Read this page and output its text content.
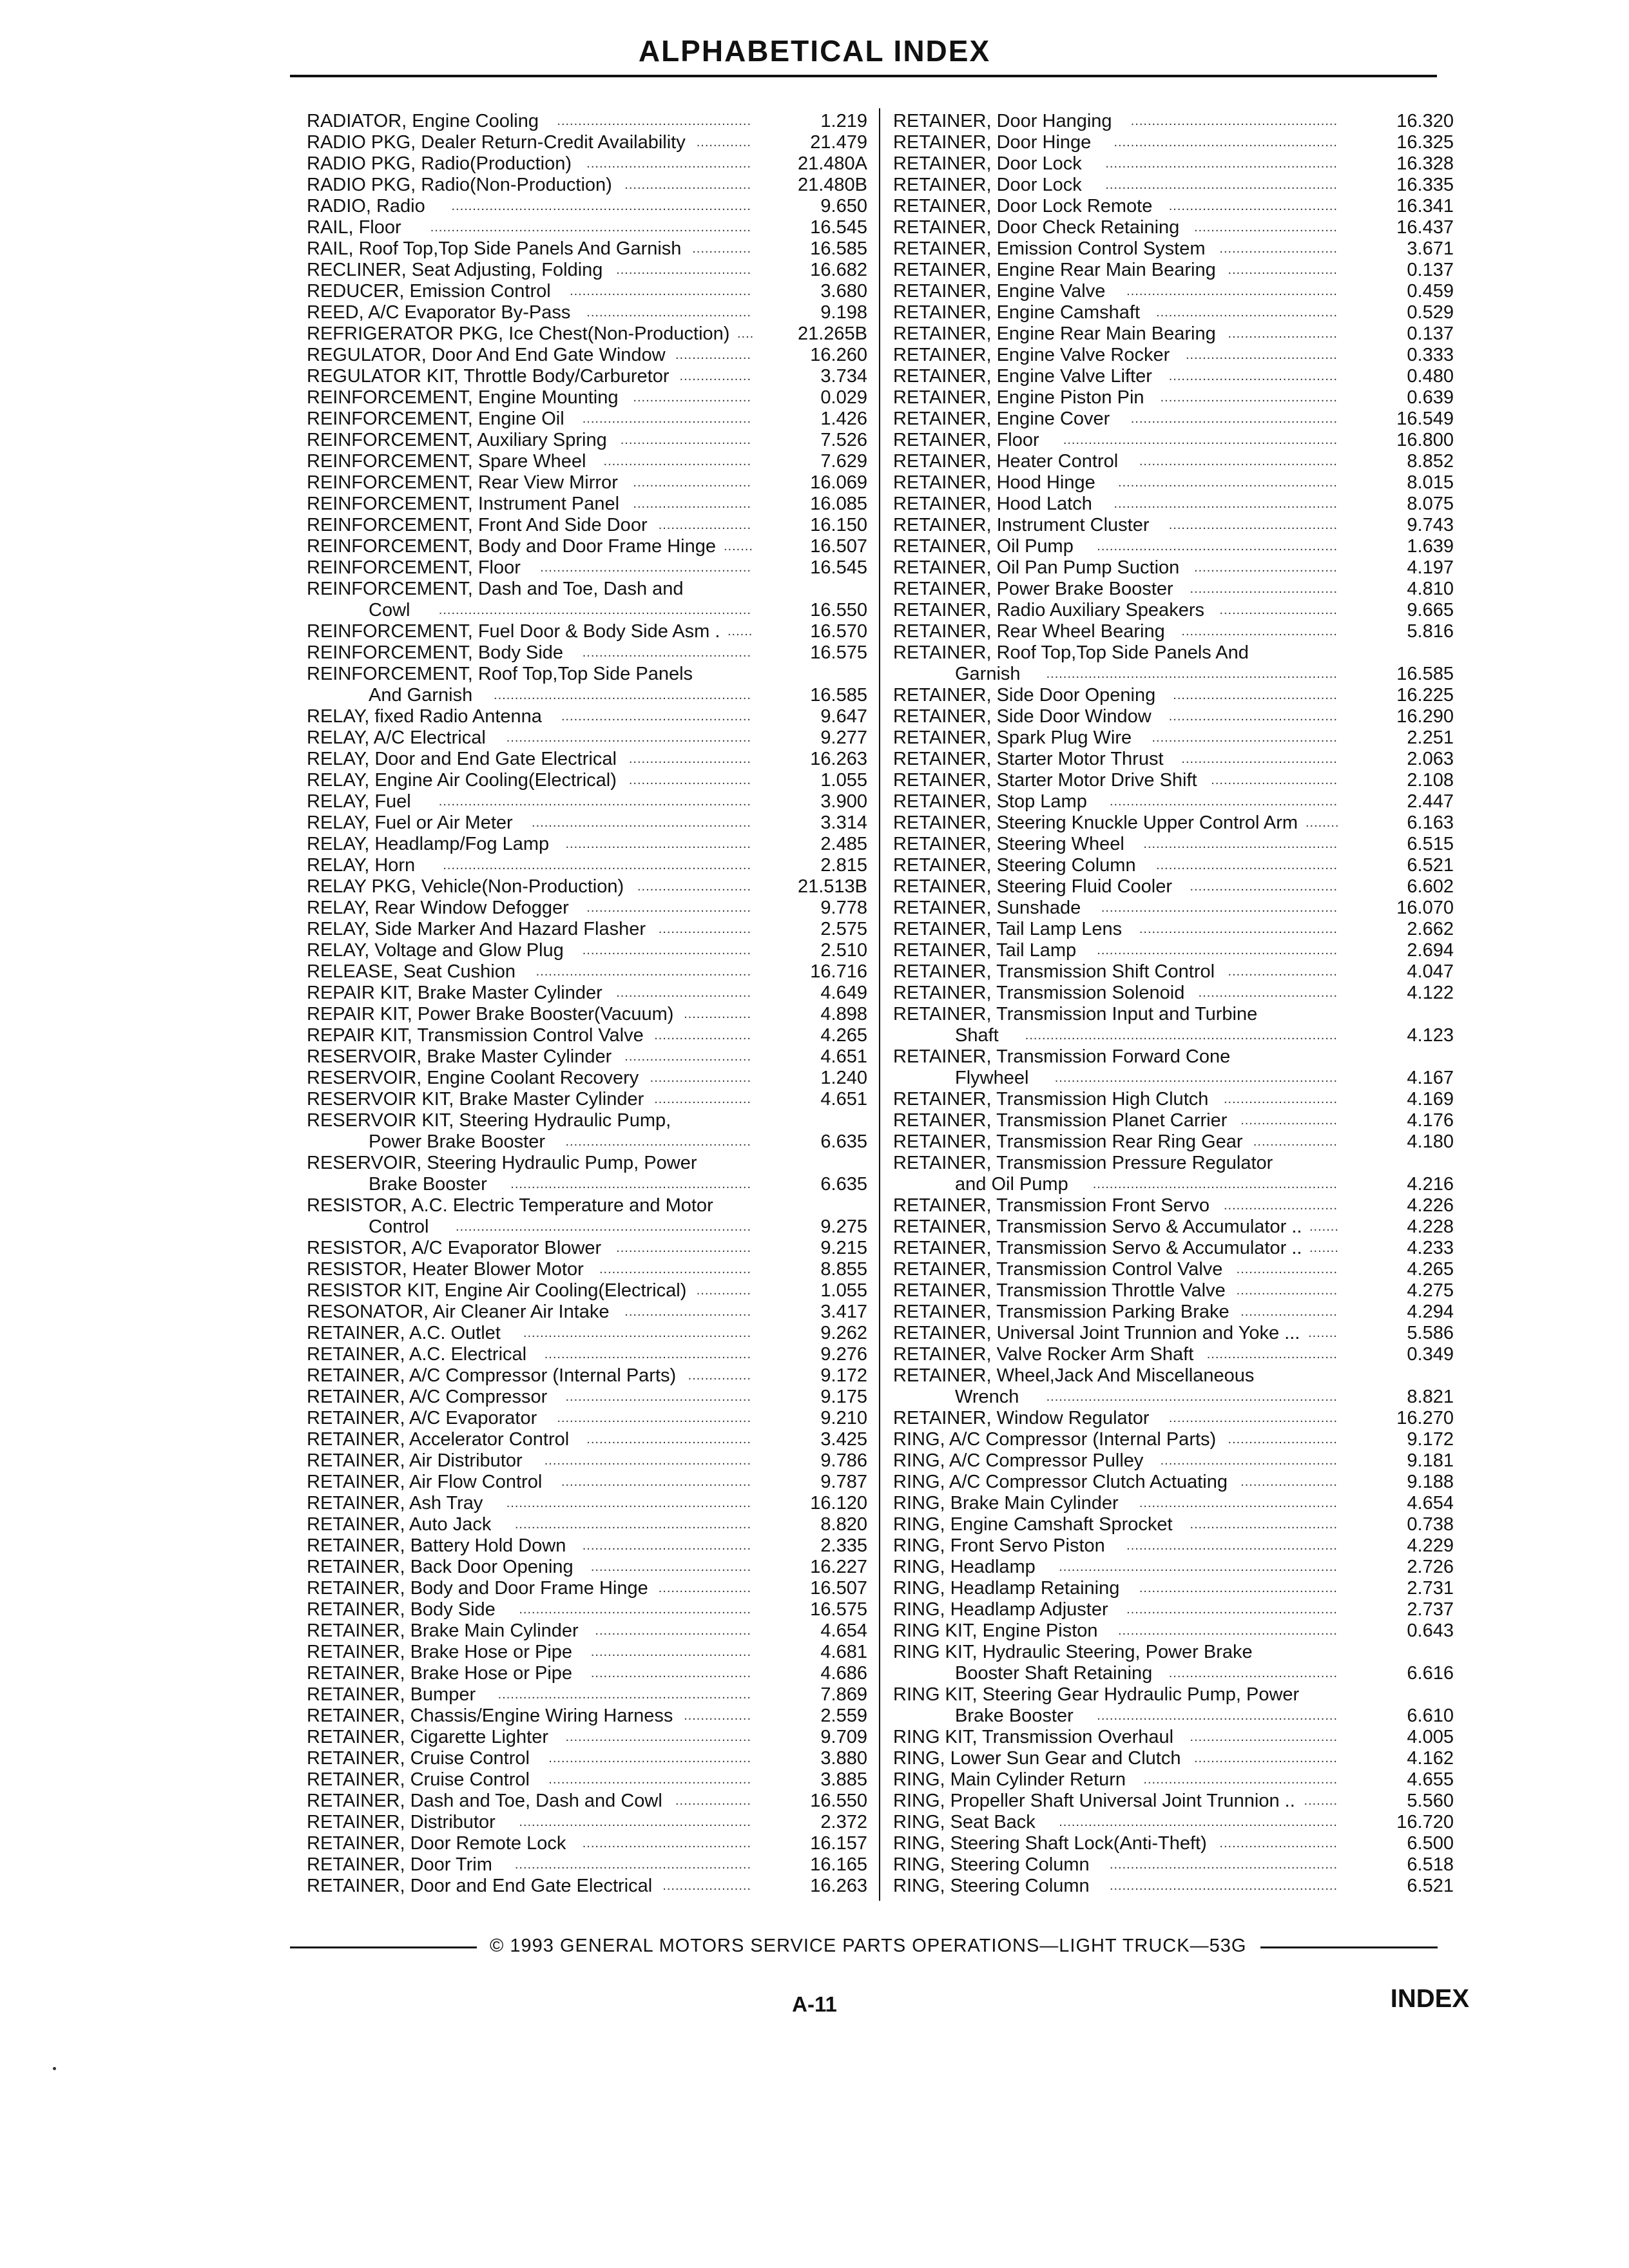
ALPHABETICAL INDEX
RADIATOR, Engine Cooling	1.219
..............................................
RADIO PKG, Dealer Return-Credit Availability	21.479
.............
RADIO PKG, Radio(Production)	21.480A
.......................................
RADIO PKG, Radio(Non-Production)	21.480B
..............................
RADIO, Radio	9.650
.......................................................................
RAIL, Floor	16.545
............................................................................
RAIL, Roof Top,Top Side Panels And Garnish	16.585
..............
RECLINER, Seat Adjusting, Folding	16.682
................................
REDUCER, Emission Control	3.680
...........................................
REED, A/C Evaporator By-Pass	9.198
.......................................
REFRIGERATOR PKG, Ice Chest(Non-Production)	21.265B
....
REGULATOR, Door And End Gate Window	16.260
..................
REGULATOR KIT, Throttle Body/Carburetor	3.734
.................
REINFORCEMENT, Engine Mounting	0.029
............................
REINFORCEMENT, Engine Oil	1.426
........................................
REINFORCEMENT, Auxiliary Spring	7.526
...............................
REINFORCEMENT, Spare Wheel	7.629
...................................
REINFORCEMENT, Rear View Mirror	16.069
............................
REINFORCEMENT, Instrument Panel	16.085
............................
REINFORCEMENT, Front And Side Door	16.150
......................
REINFORCEMENT, Body and Door Frame Hinge	16.507
.......
REINFORCEMENT, Floor	16.545
..................................................
REINFORCEMENT, Dash and Toe, Dash and
Cowl	16.550
..........................................................................
REINFORCEMENT, Fuel Door & Body Side Asm .	16.570
......
REINFORCEMENT, Body Side	16.575
........................................
REINFORCEMENT, Roof Top,Top Side Panels
And Garnish	16.585
.............................................................
RELAY, fixed Radio Antenna	9.647
.............................................
RELAY, A/C Electrical	9.277
..........................................................
RELAY, Door and End Gate Electrical	16.263
.............................
RELAY, Engine Air Cooling(Electrical)	1.055
.............................
RELAY, Fuel	3.900
..........................................................................
RELAY, Fuel or Air Meter	3.314
....................................................
RELAY, Headlamp/Fog Lamp	2.485
............................................
RELAY, Horn	2.815
.........................................................................
RELAY PKG, Vehicle(Non-Production)	21.513B
...........................
RELAY, Rear Window Defogger	9.778
.......................................
RELAY, Side Marker And Hazard Flasher	2.575
......................
RELAY, Voltage and Glow Plug	2.510
........................................
RELEASE, Seat Cushion	16.716
...................................................
REPAIR KIT, Brake Master Cylinder	4.649
................................
REPAIR KIT, Power Brake Booster(Vacuum)	4.898
................
REPAIR KIT, Transmission Control Valve	4.265
.......................
RESERVOIR, Brake Master Cylinder	4.651
..............................
RESERVOIR, Engine Coolant Recovery	1.240
........................
RESERVOIR KIT, Brake Master Cylinder	4.651
.......................
RESERVOIR KIT, Steering Hydraulic Pump,
Power Brake Booster	6.635
............................................
RESERVOIR, Steering Hydraulic Pump, Power
Brake Booster	6.635
.........................................................
RESISTOR, A.C. Electric Temperature and Motor
Control	9.275
......................................................................
RESISTOR, A/C Evaporator Blower	9.215
................................
RESISTOR, Heater Blower Motor	8.855
....................................
RESISTOR KIT, Engine Air Cooling(Electrical)	1.055
.............
RESONATOR, Air Cleaner Air Intake	3.417
..............................
RETAINER, A.C. Outlet	9.262
......................................................
RETAINER, A.C. Electrical	9.276
.................................................
RETAINER, A/C Compressor (Internal Parts)	9.172
...............
RETAINER, A/C Compressor	9.175
............................................
RETAINER, A/C Evaporator	9.210
..............................................
RETAINER, Accelerator Control	3.425
.......................................
RETAINER, Air Distributor	9.786
.................................................
RETAINER, Air Flow Control	9.787
.............................................
RETAINER, Ash Tray	16.120
..........................................................
RETAINER, Auto Jack	8.820
........................................................
RETAINER, Battery Hold Down	2.335
........................................
RETAINER, Back Door Opening	16.227
......................................
RETAINER, Body and Door Frame Hinge	16.507
......................
RETAINER, Body Side	16.575
.......................................................
RETAINER, Brake Main Cylinder	4.654
.....................................
RETAINER, Brake Hose or Pipe	4.681
......................................
RETAINER, Brake Hose or Pipe	4.686
......................................
RETAINER, Bumper	7.869
............................................................
RETAINER, Chassis/Engine Wiring Harness	2.559
................
RETAINER, Cigarette Lighter	9.709
............................................
RETAINER, Cruise Control	3.880
................................................
RETAINER, Cruise Control	3.885
................................................
RETAINER, Dash and Toe, Dash and Cowl	16.550
..................
RETAINER, Distributor	2.372
.......................................................
RETAINER, Door Remote Lock	16.157
........................................
RETAINER, Door Trim	16.165
........................................................
RETAINER, Door and End Gate Electrical	16.263
.....................
RETAINER, Door Hanging	16.320
.................................................
RETAINER, Door Hinge	16.325
.....................................................
RETAINER, Door Lock	16.328
.......................................................
RETAINER, Door Lock	16.335
.......................................................
RETAINER, Door Lock Remote	16.341
........................................
RETAINER, Door Check Retaining	16.437
..................................
RETAINER, Emission Control System	3.671
............................
RETAINER, Engine Rear Main Bearing	0.137
..........................
RETAINER, Engine Valve	0.459
..................................................
RETAINER, Engine Camshaft	0.529
...........................................
RETAINER, Engine Rear Main Bearing	0.137
..........................
RETAINER, Engine Valve Rocker	0.333
....................................
RETAINER, Engine Valve Lifter	0.480
........................................
RETAINER, Engine Piston Pin	0.639
..........................................
RETAINER, Engine Cover	16.549
.................................................
RETAINER, Floor	16.800
.................................................................
RETAINER, Heater Control	8.852
...............................................
RETAINER, Hood Hinge	8.015
....................................................
RETAINER, Hood Latch	8.075
.....................................................
RETAINER, Instrument Cluster	9.743
........................................
RETAINER, Oil Pump	1.639
.........................................................
RETAINER, Oil Pan Pump Suction	4.197
..................................
RETAINER, Power Brake Booster	4.810
...................................
RETAINER, Radio Auxiliary Speakers	9.665
............................
RETAINER, Rear Wheel Bearing	5.816
.....................................
RETAINER, Roof Top,Top Side Panels And
Garnish	16.585
.....................................................................
RETAINER, Side Door Opening	16.225
.......................................
RETAINER, Side Door Window	16.290
........................................
RETAINER, Spark Plug Wire	2.251
............................................
RETAINER, Starter Motor Thrust	2.063
.....................................
RETAINER, Starter Motor Drive Shift	2.108
..............................
RETAINER, Stop Lamp	2.447
......................................................
RETAINER, Steering Knuckle Upper Control Arm	6.163
........
RETAINER, Steering Wheel	6.515
..............................................
RETAINER, Steering Column	6.521
...........................................
RETAINER, Steering Fluid Cooler	6.602
...................................
RETAINER, Sunshade	16.070
........................................................
RETAINER, Tail Lamp Lens	2.662
...............................................
RETAINER, Tail Lamp	2.694
.........................................................
RETAINER, Transmission Shift Control	4.047
..........................
RETAINER, Transmission Solenoid	4.122
.................................
RETAINER, Transmission Input and Turbine
Shaft	4.123
..........................................................................
RETAINER, Transmission Forward Cone
Flywheel	4.167
...................................................................
RETAINER, Transmission High Clutch	4.169
...........................
RETAINER, Transmission Planet Carrier	4.176
.......................
RETAINER, Transmission Rear Ring Gear	4.180
....................
RETAINER, Transmission Pressure Regulator
and Oil Pump	4.216
..........................................................
RETAINER, Transmission Front Servo	4.226
...........................
RETAINER, Transmission Servo & Accumulator ..	4.228
.......
RETAINER, Transmission Servo & Accumulator ..	4.233
.......
RETAINER, Transmission Control Valve	4.265
........................
RETAINER, Transmission Throttle Valve	4.275
........................
RETAINER, Transmission Parking Brake	4.294
.......................
RETAINER, Universal Joint Trunnion and Yoke ...	5.586
.......
RETAINER, Valve Rocker Arm Shaft	0.349
...............................
RETAINER, Wheel,Jack And Miscellaneous
Wrench	8.821
.....................................................................
RETAINER, Window Regulator	16.270
........................................
RING, A/C Compressor (Internal Parts)	9.172
..........................
RING, A/C Compressor Pulley	9.181
..........................................
RING, A/C Compressor Clutch Actuating	9.188
.......................
RING, Brake Main Cylinder	4.654
...............................................
RING, Engine Camshaft Sprocket	0.738
...................................
RING, Front Servo Piston	4.229
..................................................
RING, Headlamp	2.726
..................................................................
RING, Headlamp Retaining	2.731
...............................................
RING, Headlamp Adjuster	2.737
..................................................
RING KIT, Engine Piston	0.643
....................................................
RING KIT, Hydraulic Steering, Power Brake
Booster Shaft Retaining	6.616
........................................
RING KIT, Steering Gear Hydraulic Pump, Power
Brake Booster	6.610
.........................................................
RING KIT, Transmission Overhaul	4.005
...................................
RING, Lower Sun Gear and Clutch	4.162
..................................
RING, Main Cylinder Return	4.655
..............................................
RING, Propeller Shaft Universal Joint Trunnion ..	5.560
........
RING, Seat Back	16.720
..................................................................
RING, Steering Shaft Lock(Anti-Theft)	6.500
............................
RING, Steering Column	6.518
......................................................
RING, Steering Column	6.521
......................................................
© 1993 GENERAL MOTORS SERVICE PARTS OPERATIONS—LIGHT TRUCK—53G
A-11	INDEX
